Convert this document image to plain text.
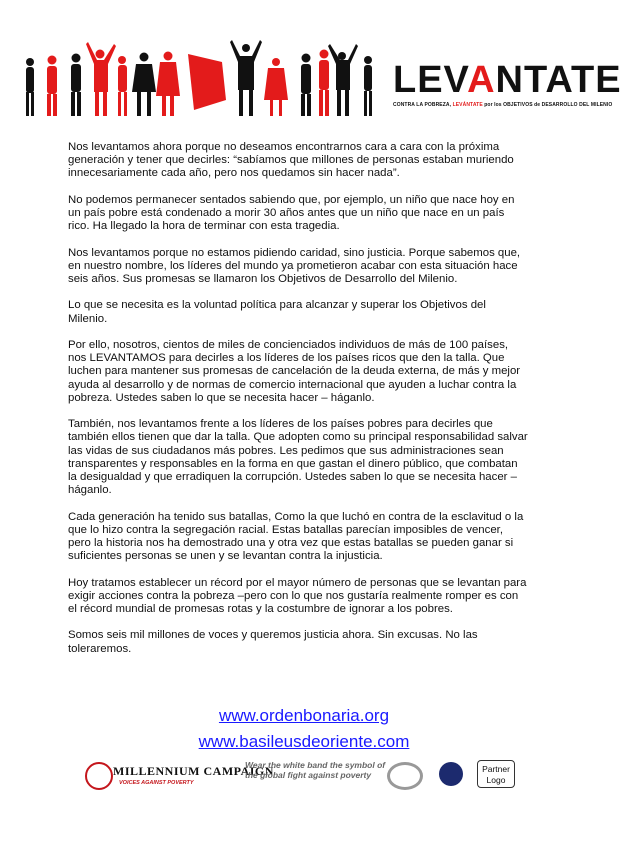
LEVANTATE
CONTRA LA POBREZA, LEVÁNTATE por los OBJETIVOS de DESARROLLO DEL MILENIO

Nos levantamos ahora porque no deseamos encontrarnos cara a cara con la próxima generación y tener que decirles: “sabíamos que millones de personas estaban muriendo innecesariamente cada año, pero nos quedamos sin hacer nada”.

No podemos permanecer sentados sabiendo que, por ejemplo, un niño que nace hoy en un país pobre está condenado a morir 30 años antes que un niño que nace en un país rico. Ha llegado la hora de terminar con esta tragedia.

Nos levantamos porque no estamos pidiendo caridad, sino justicia. Porque sabemos que, en nuestro nombre, los líderes del mundo ya prometieron acabar con esta situación hace seis años. Sus promesas se llamaron los Objetivos de Desarrollo del Milenio.

Lo que se necesita es la voluntad política para alcanzar y superar los Objetivos del Milenio.

Por ello, nosotros, cientos de miles de concienciados individuos de más de 100 países, nos LEVANTAMOS para decirles a los líderes de los países ricos que den la talla. Que luchen para mantener sus promesas de cancelación de la deuda externa, de más y mejor ayuda al desarrollo y de normas de comercio internacional que ayuden a luchar contra la pobreza. Ustedes saben lo que se necesita hacer – háganlo.

También, nos levantamos frente a los líderes de los países pobres para decirles que también ellos tienen que dar la talla. Que adopten como su principal responsabilidad salvar las vidas de sus ciudadanos más pobres. Les pedimos que sus administraciones sean transparentes y responsables en la forma en que gastan el dinero público, que combatan la desigualdad y que erradiquen la corrupción. Ustedes saben lo que se necesita hacer –háganlo.

Cada generación ha tenido sus batallas, Como la que luchó en contra de la esclavitud o la que lo hizo contra la segregación racial. Estas batallas parecían imposibles de vencer, pero la historia nos ha demostrado una y otra vez que estas batallas se pueden ganar si suficientes personas se unen y se levantan contra la injusticia.

Hoy tratamos establecer un récord por el mayor número de personas que se levantan para exigir acciones contra la pobreza –pero con lo que nos gustaría realmente romper es con el récord mundial de promesas rotas y la costumbre de ignorar a los pobres.

Somos seis mil millones de voces y queremos justicia ahora. Sin excusas. No las toleraremos.

www.ordenbonaria.org
www.basileusdeoriente.com
MILLENNIUM CAMPAIGN
VOICES AGAINST POVERTY
Wear the white band the symbol of the global fight against poverty
Partner
Logo
